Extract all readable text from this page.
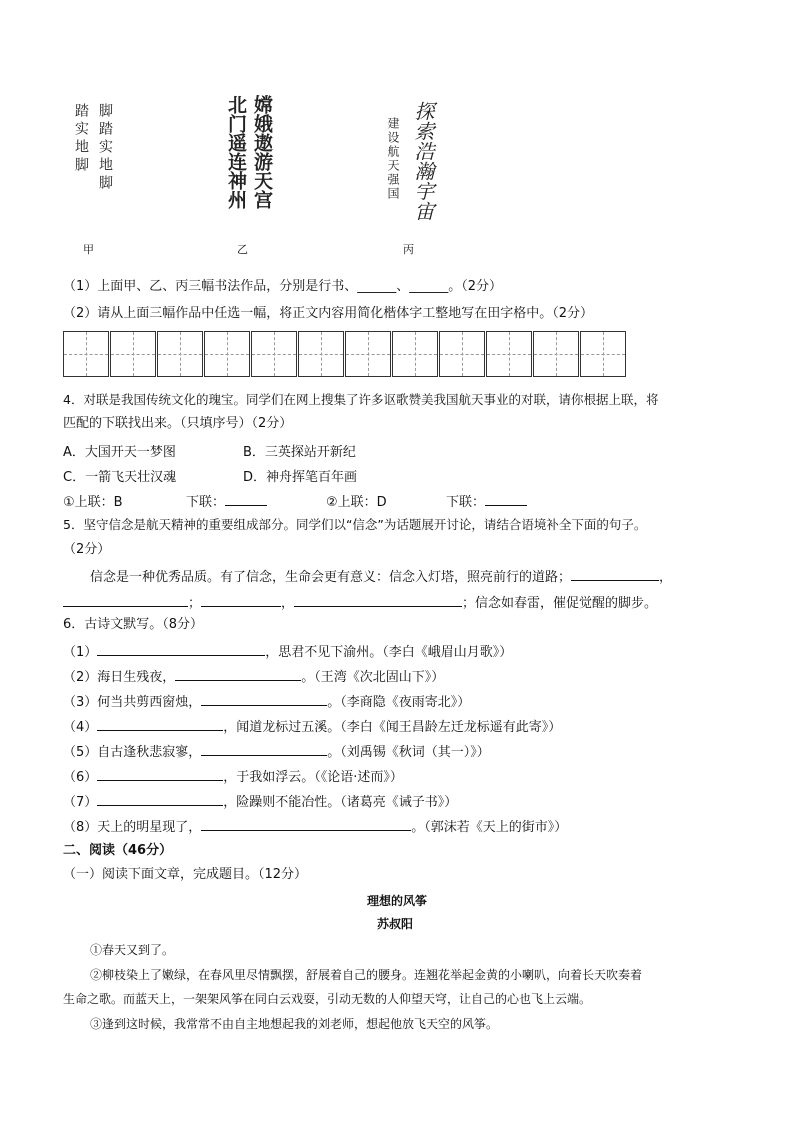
脚踏实地脚
踏实地脚
甲
嫦娥遨游天宫
北门遥连神州
乙
探索浩瀚宇宙
建设航天强国
丙
（1）上面甲、乙、丙三幅书法作品，分别是行书、______、______。（2分）
（2）请从上面三幅作品中任选一幅，将正文内容用简化楷体字工整地写在田字格中。（2分）
4．对联是我国传统文化的瑰宝。同学们在网上搜集了许多讴歌赞美我国航天事业的对联，请你根据上联，将
匹配的下联找出来。（只填序号）（2分）
A．大国开天一梦图	B．三英探站开新纪
C．一箭飞天壮汉魂	D．神舟挥笔百年画
①上联：B	下联：	②上联：D	下联：
5．坚守信念是航天精神的重要组成部分。同学们以“信念”为话题展开讨论，请结合语境补全下面的句子。
（2分）
信念是一种优秀品质。有了信念，生命会更有意义：信念入灯塔，照亮前行的道路；	，
；	，	；信念如春雷，催促觉醒的脚步。
6．古诗文默写。（8分）
（1）	，思君不见下渝州。（李白《峨眉山月歌》）
（2）海日生残夜，	。（王湾《次北固山下》）
（3）何当共剪西窗烛，	。（李商隐《夜雨寄北》）
（4）	，闻道龙标过五溪。（李白《闻王昌龄左迁龙标遥有此寄》）
（5）自古逢秋悲寂寥，	。（刘禹锡《秋词（其一）》）
（6）	，于我如浮云。（《论语·述而》）
（7）	，险躁则不能冶性。（诸葛亮《诫子书》）
（8）天上的明星现了，	。（郭沫若《天上的街市》）
二、阅读（46分）
（一）阅读下面文章，完成题目。（12分）
理想的风筝
苏叔阳
①春天又到了。
②柳枝染上了嫩绿，在春风里尽情飘摆，舒展着自己的腰身。连翘花举起金黄的小喇叭，向着长天吹奏着
生命之歌。而蓝天上，一架架风筝在同白云戏耍，引动无数的人仰望天穹，让自己的心也飞上云端。
③逢到这时候，我常常不由自主地想起我的刘老师，想起他放飞天空的风筝。
